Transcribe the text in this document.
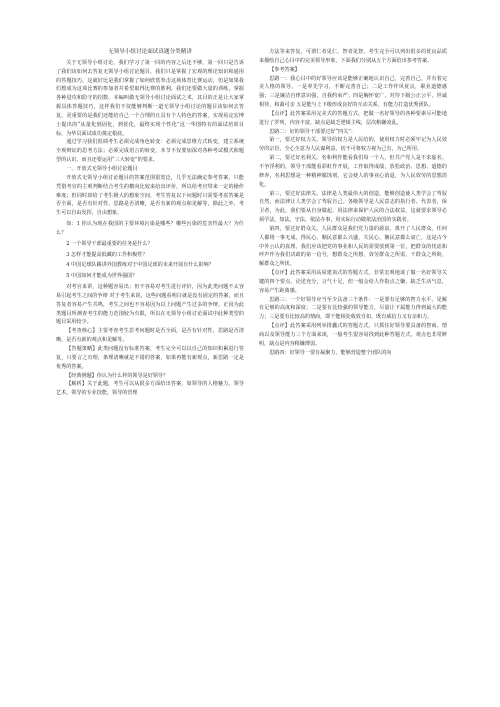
无领导小组讨论面试真题分类精讲

关于无领导小组讨论，我们学习了第一回的内容之后还不够，第一回只是告诉了我们该如何去答复无领导小组讨论题目，我们只是掌握了宏观的理论知识和通用的答题技巧，这就好比是我们掌握了如何欣赏拳击这场体育比赛运动，但是如果我们想成为这项比赛的参加者并希望取得比赛的胜利，我们还要做大量的训练，掌握各种进攻和防守的招数，本编叫做无领导小组讨论面试之术，其目的正是让大家掌握具体答题技巧，这样我们不仅能够判断一道无领导小组讨论的题目该如何去答复，更重要的是我们还能给自己一个合理的且具有个人特色的答案，实现易定宏博士提出的“从量化到固化，到优化，最终实现个性化”这一华图特有的面试培训目标，为华员面试成功奠定根底。

通过学习我们很调考生必须完成角色转变：必须完成思维方式转变，建立系统全观辩证的思考方法；必须完成语言的转变，本节不仅要加深对各种考试模式和题型的认识，而且还要运用“三大转变”的要求。

一、开放式无领导小组讨论题目

开放式无领导小组讨论题目的答案范围很宽泛，几乎无法确定参考答案，只能凭借考官的主观判断结合考生的横向比较来给出评价，所以给考官带来一定的操作难度；但同时却给了考生极大的想象空间，考生答复以下问题时只需要考虑答案是否全面，是否有针对性，思路是否清晰，是否有新的观点和见解等，除此之外，考生可以自由发挥，自由想象。

如：1 你认为现在我国的主要环境污染是哪些？哪些污染的危害性最大？为什么？

2 一个领导干部最重要的任务是什么？

3 怎样才能提高低藏的工作积极性？

4 中国足球队踢讲外国教练对于中国足球的未来开展有什么影响？

5 中国如何才能成为世界强国？

对考官来讲，这种题容易出；但不容易对考生进行评价，因为此类问题不太容易引起考生之间的争辩 对于考生来说，这些问题看明白就是没有固定的答案，而且答复者容易产生共鸣，考生之间也不容易因为以上问题产生过多的争辩。正因为此类题目所测查考生的能力范围较为有限，所以在无领导小组讨论面试中此种类型的题目采用较少。

【考查核心】主要考查考生思考问题时是否全面，是否有针对性，思路是否清晰，是否有新的观点和见解等。

【答题策略】此类问题没有标准答案，考生完全可以以自己的知识积累进行答复，只要言之有理，条理清晰就是不错的答案，如果再能有新观点，新思路一定是优秀的答案。

【经典例题】你认为什么样的领导是好领导？

【解析】关于此题，考生可以从很多方面给出答案，如领导的人格魅力，领导艺术，领导的专业技能，领导的管理

方法等来答复，可谓仁者见仁，智者见智。考生完全可以列出很多的优良品质来描绘自己心目中的完美领导形象，下面我们分别从五个方面给出参考答案。

【参考答案】

思路一：我心目中的好领导应该是能够正确地认识自己，完善自己，并有着完美人格的领导。一是率先学习，不断完善自己；二是工作作风优良，职业道德感强；三是廉洁自律意识强，自我约束严；四是胸怀宽广，对待下级公正公平，坦诚相待，和蔼可亲 五是能与上下级形成良好的互动关系，有能力打造优秀团队。

【点评】此答案采用完美式的答题方式，把做一名好领导的各种要素尽可能地进行了罗列，内容丰富，缺点是缺乏逻辑主线，层次稍嫌凌乱。

思路二：好的领导干部要过好“四关”：

第一，要过好权力关。领导的权力是人民给的，使用权力时必须牢记为人民效劳的宗旨，全心全意为人民谋利益，切不可将权力视为己有，为己所用。

第二，要过好名利关。名和利作能看我们每一个人，但共产党人是不求虚名、不争浮利的，领导干部能看彩虹作开展，工作取得成绩，放松政治、思想、道德的修养，名利思想是一种精神腐蚀剂，它会使人的事业心消退，为人民效劳的思想淡化。

第三，要过好法律关。法律是人类最伟大的创造，能够创造使人类学会了驾驭自然，而法律让人类学会了驾驭自己。各级领导是人民意志的执行者、代表者，保卫者，为此，我们要从自身做起，用法律来保护人民的合法权益，这就要求领导必须学法，知法，守法，依法办事，用实际行动做依法治国的实践者。

第四，要过好群众关。人民群众是我们党力量的源泉，离开了人民群众，任何人都将一事无成。得民心、顺民意都么兴盛，失民心、搁民意都么衰亡，这是古今中外公认的真理。我们应该把党的事业和人民的需要放到第一位，把群众的忧虑和呼声作为我们决政的第一信号，想群众之所想，效劳群众之所需，干群众之所盼，解群众之所忧。

【点评】此答案采用高屋建瓴式的答题方式，非常宏观地谈了做一名好领导关键的四个要点，论述充分，言气十足，但一般会给人作指点之嫌，缺乏生活气息，容易产生距离感。

思路三：一个好领导应当至少具备三个条件：一是要有足够的智力水平，见解有足够的高度和深度；二是要有比较强的领导能力，尽量让下属能力得到最大的能力；三是要有比较高的情商，即干能相处收效自如，既有威信力又有亲和力。

【点评】此答案采用列举排囊式的答题方式，只抓住好领导要具备的智商、情商以及领导能力三个方面来谈，一般考生很容易找到此种答题方式，观点也非常鲜明，缺点是内容稍嫌薄弱。

思路四：好领导一要有凝聚力，能够营造整个团队的向
